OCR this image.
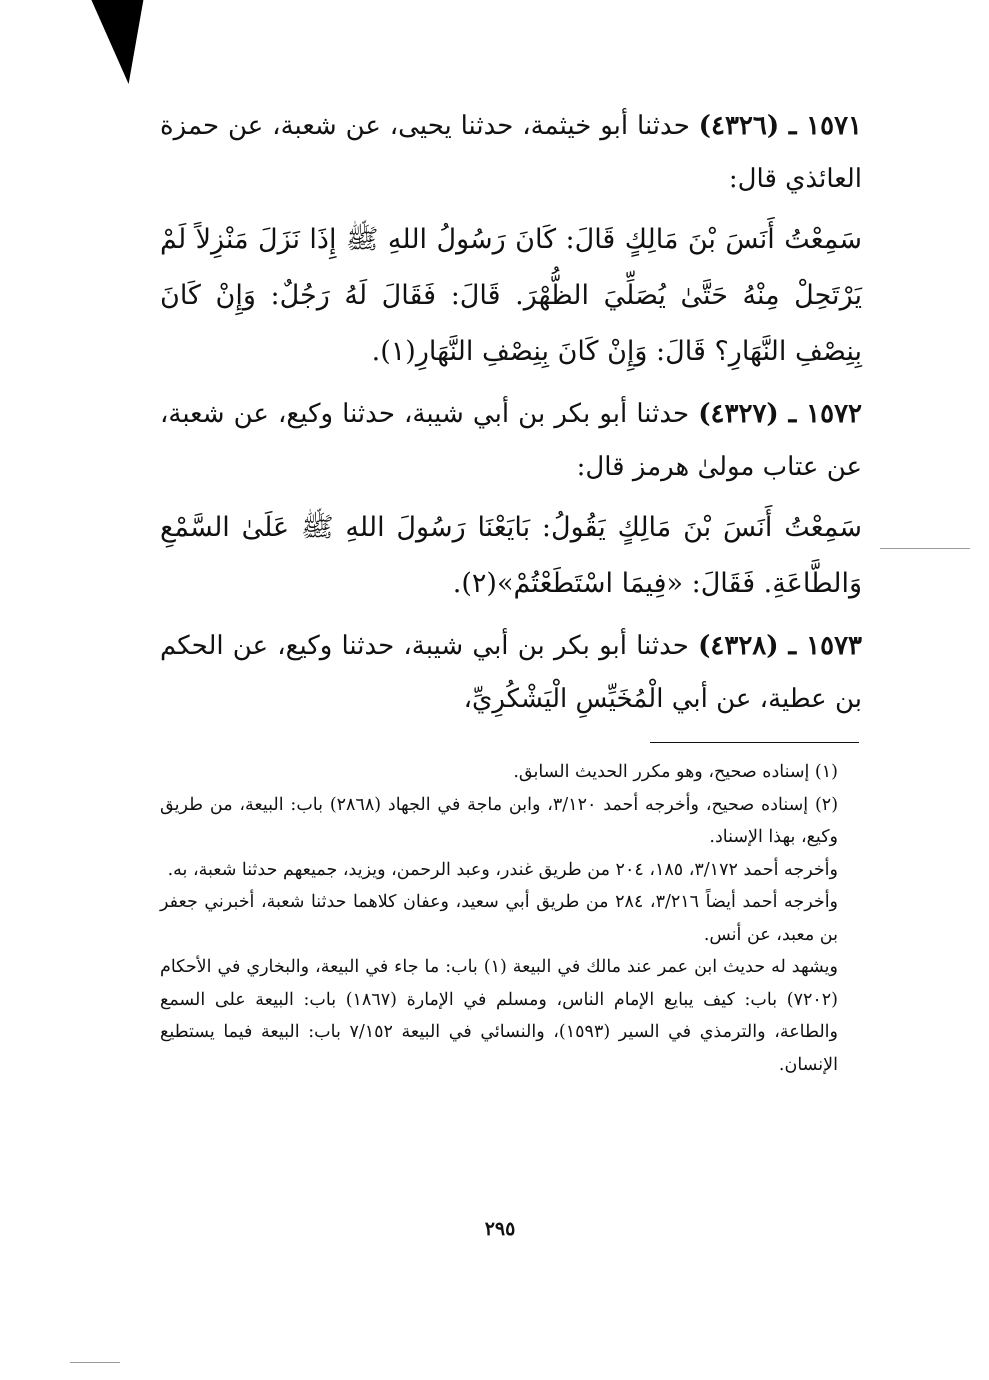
١٥٧١ ـ (٤٣٢٦) حدثنا أبو خيثمة، حدثنا يحيى، عن شعبة، عن حمزة العائذي قال:

سَمِعْتُ أَنَسَ بْنَ مَالِكٍ قَالَ: كَانَ رَسُولُ اللهِ ﷺ إِذَا نَزَلَ مَنْزِلاً لَمْ يَرْتَحِلْ مِنْهُ حَتَّىٰ يُصَلِّيَ الظُّهْرَ. قَالَ: فَقَالَ لَهُ رَجُلٌ: وَإِنْ كَانَ بِنِصْفِ النَّهَارِ؟ قَالَ: وَإِنْ كَانَ بِنِصْفِ النَّهَارِ(١).

١٥٧٢ ـ (٤٣٢٧) حدثنا أبو بكر بن أبي شيبة، حدثنا وكيع، عن شعبة، عن عتاب مولىٰ هرمز قال:

سَمِعْتُ أَنَسَ بْنَ مَالِكٍ يَقُولُ: بَايَعْنَا رَسُولَ اللهِ ﷺ عَلَىٰ السَّمْعِ وَالطَّاعَةِ. فَقَالَ: «فِيمَا اسْتَطَعْتُمْ»(٢).

١٥٧٣ ـ (٤٣٢٨) حدثنا أبو بكر بن أبي شيبة، حدثنا وكيع، عن الحكم بن عطية، عن أبي الْمُخَيِّسِ الْيَشْكُرِيِّ،

(١) إسناده صحيح، وهو مكرر الحديث السابق.

(٢) إسناده صحيح، وأخرجه أحمد ٣/١٢٠، وابن ماجة في الجهاد (٢٨٦٨) باب: البيعة، من طريق وكيع، بهذا الإسناد.

وأخرجه أحمد ٣/١٧٢، ١٨٥، ٢٠٤ من طريق غندر، وعبد الرحمن، ويزيد، جميعهم حدثنا شعبة، به.

وأخرجه أحمد أيضاً ٣/٢١٦، ٢٨٤ من طريق أبي سعيد، وعفان كلاهما حدثنا شعبة، أخبرني جعفر بن معبد، عن أنس.

ويشهد له حديث ابن عمر عند مالك في البيعة (١) باب: ما جاء في البيعة، والبخاري في الأحكام (٧٢٠٢) باب: كيف يبايع الإمام الناس، ومسلم في الإمارة (١٨٦٧) باب: البيعة على السمع والطاعة، والترمذي في السير (١٥٩٣)، والنسائي في البيعة ٧/١٥٢ باب: البيعة فيما يستطيع الإنسان.

٢٩٥
